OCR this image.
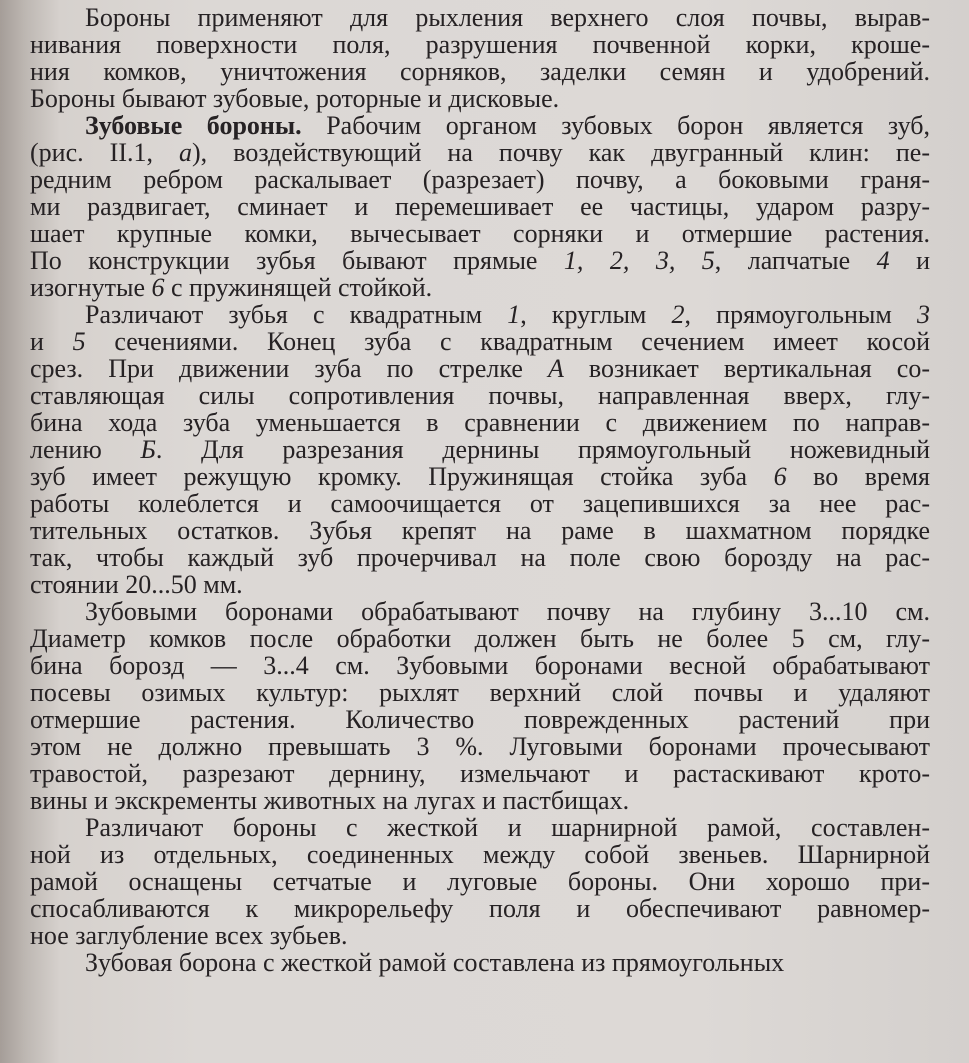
Бороны применяют для рыхления верхнего слоя почвы, вырав-
нивания поверхности поля, разрушения почвенной корки, кроше-
ния комков, уничтожения сорняков, заделки семян и удобрений.
Бороны бывают зубовые, роторные и дисковые.
Зубовые бороны. Рабочим органом зубовых борон является зуб,
(рис. II.1, а), воздействующий на почву как двугранный клин: пе-
редним ребром раскалывает (разрезает) почву, а боковыми граня-
ми раздвигает, сминает и перемешивает ее частицы, ударом разру-
шает крупные комки, вычесывает сорняки и отмершие растения.
По конструкции зубья бывают прямые 1, 2, 3, 5, лапчатые 4 и
изогнутые 6 с пружинящей стойкой.
Различают зубья с квадратным 1, круглым 2, прямоугольным 3
и 5 сечениями. Конец зуба с квадратным сечением имеет косой
срез. При движении зуба по стрелке А возникает вертикальная со-
ставляющая силы сопротивления почвы, направленная вверх, глу-
бина хода зуба уменьшается в сравнении с движением по направ-
лению Б. Для разрезания дернины прямоугольный ножевидный
зуб имеет режущую кромку. Пружинящая стойка зуба 6 во время
работы колеблется и самоочищается от зацепившихся за нее рас-
тительных остатков. Зубья крепят на раме в шахматном порядке
так, чтобы каждый зуб прочерчивал на поле свою борозду на рас-
стоянии 20...50 мм.
Зубовыми боронами обрабатывают почву на глубину 3...10 см.
Диаметр комков после обработки должен быть не более 5 см, глу-
бина борозд — 3...4 см. Зубовыми боронами весной обрабатывают
посевы озимых культур: рыхлят верхний слой почвы и удаляют
отмершие растения. Количество поврежденных растений при
этом не должно превышать 3 %. Луговыми боронами прочесывают
травостой, разрезают дернину, измельчают и растаскивают крото-
вины и экскременты животных на лугах и пастбищах.
Различают бороны с жесткой и шарнирной рамой, составлен-
ной из отдельных, соединенных между собой звеньев. Шарнирной
рамой оснащены сетчатые и луговые бороны. Они хорошо при-
спосабливаются к микрорельефу поля и обеспечивают равномер-
ное заглубление всех зубьев.
Зубовая борона с жесткой рамой составлена из прямоугольных
